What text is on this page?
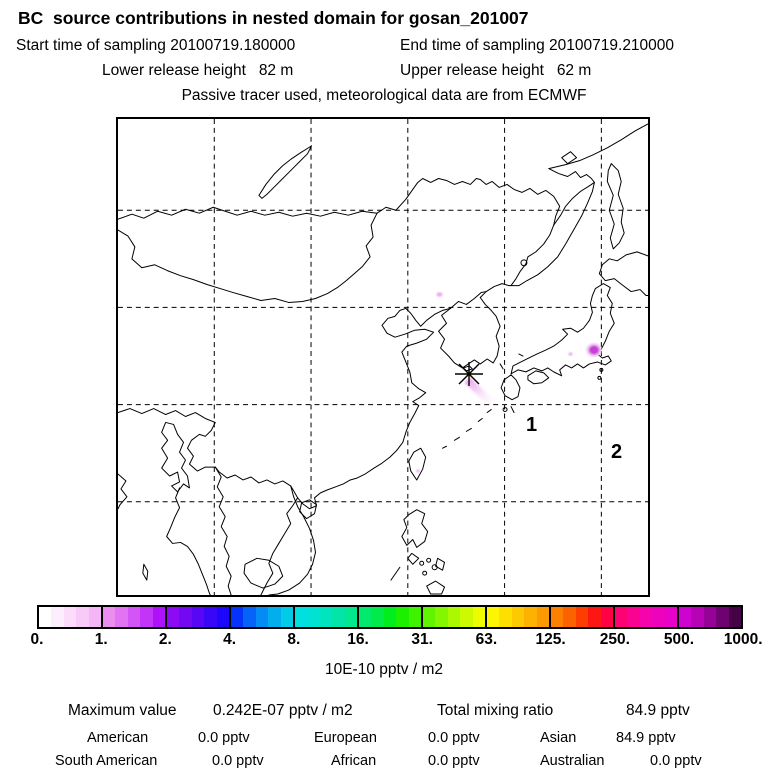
BC  source contributions in nested domain for gosan_201007
Start time of sampling 20100719.180000	End time of sampling 20100719.210000
Lower release height   82 m	Upper release height   62 m
Passive tracer used, meteorological data are from ECMWF
1
2
0.	1.	2.	4.	8.	16.	31.	63. 125. 250. 500. 1000.
10E-10 pptv / m2
Maximum value 0.242E-07 pptv / m2	Total mixing ratio	84.9 pptv
American	0.0 pptv	European	0.0 pptv	Asian	84.9 pptv
South American	0.0 pptv	African	0.0 pptv	Australian	0.0 pptv
